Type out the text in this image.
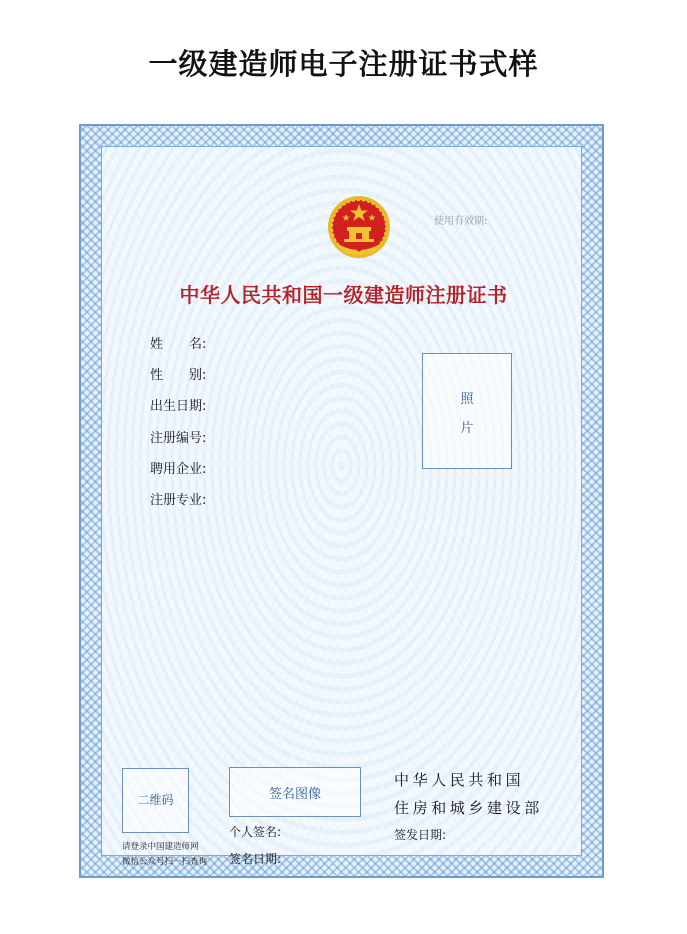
一级建造师电子注册证书式样
使用有效期:
中华人民共和国一级建造师注册证书
姓　　名:
性　　别:
出生日期:
注册编号:
聘用企业:
注册专业:
照
片
二维码
请登录中国建造师网
微信公众号扫一扫查询
签名图像
个人签名:
签名日期:
中华人民共和国
住房和城乡建设部
签发日期:
